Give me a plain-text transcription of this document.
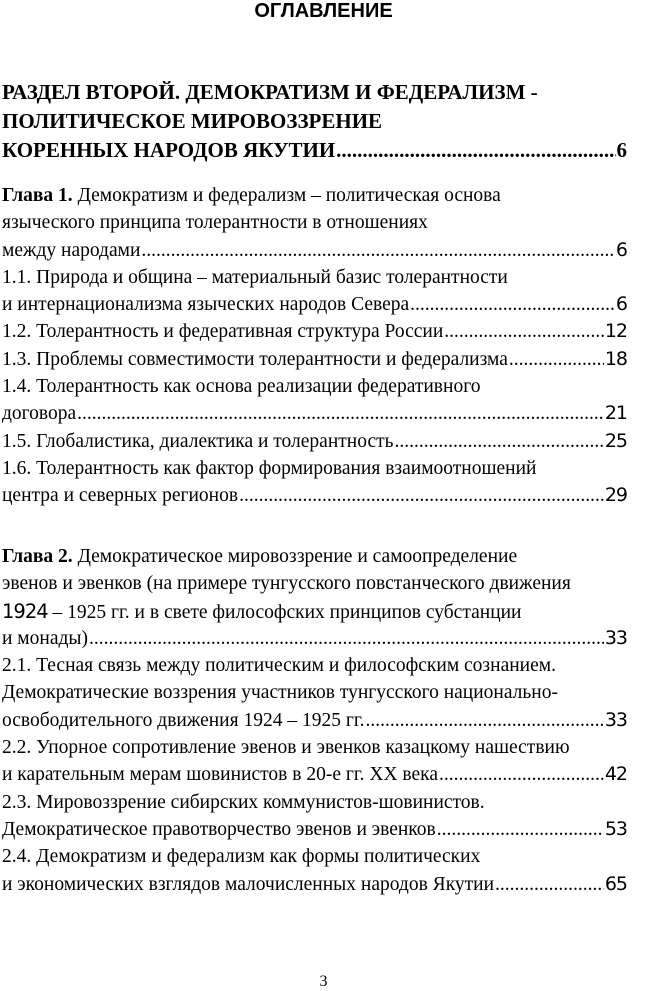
ОГЛАВЛЕНИЕ
РАЗДЕЛ ВТОРОЙ. ДЕМОКРАТИЗМ И ФЕДЕРАЛИЗМ -
ПОЛИТИЧЕСКОЕ МИРОВОЗЗРЕНИЕ
КОРЕННЫХ НАРОДОВ ЯКУТИИ .....	6
Глава 1. Демократизм и федерализм – политическая основа
языческого принципа толерантности в отношениях
между народами .....	6
1.1. Природа и община – материальный базис толерантности
и интернационализма языческих народов Севера .....	6
1.2. Толерантность и федеративная структура России .....	12
1.3. Проблемы совместимости толерантности и федерализма .....	18
1.4. Толерантность как основа реализации федеративного
договора .....	21
1.5. Глобалистика, диалектика и толерантность .....	25
1.6. Толерантность как фактор формирования взаимоотношений
центра и северных регионов .....	29
Глава 2. Демократическое мировоззрение и самоопределение
эвенов и эвенков (на примере тунгусского повстанческого движения
1924 – 1925 гг. и в свете философских принципов субстанции
и монады) .....	33
2.1. Тесная связь между политическим и философским сознанием.
Демократические воззрения участников тунгусского национально-
освободительного движения 1924 – 1925 гг. .....	33
2.2. Упорное сопротивление эвенов и эвенков казацкому нашествию
и карательным мерам шовинистов в 20-е гг. XX века .....	42
2.3. Мировоззрение сибирских коммунистов-шовинистов.
Демократическое правотворчество эвенов и эвенков .....	53
2.4. Демократизм и федерализм как формы политических
и экономических взглядов малочисленных народов Якутии .....	65
3
